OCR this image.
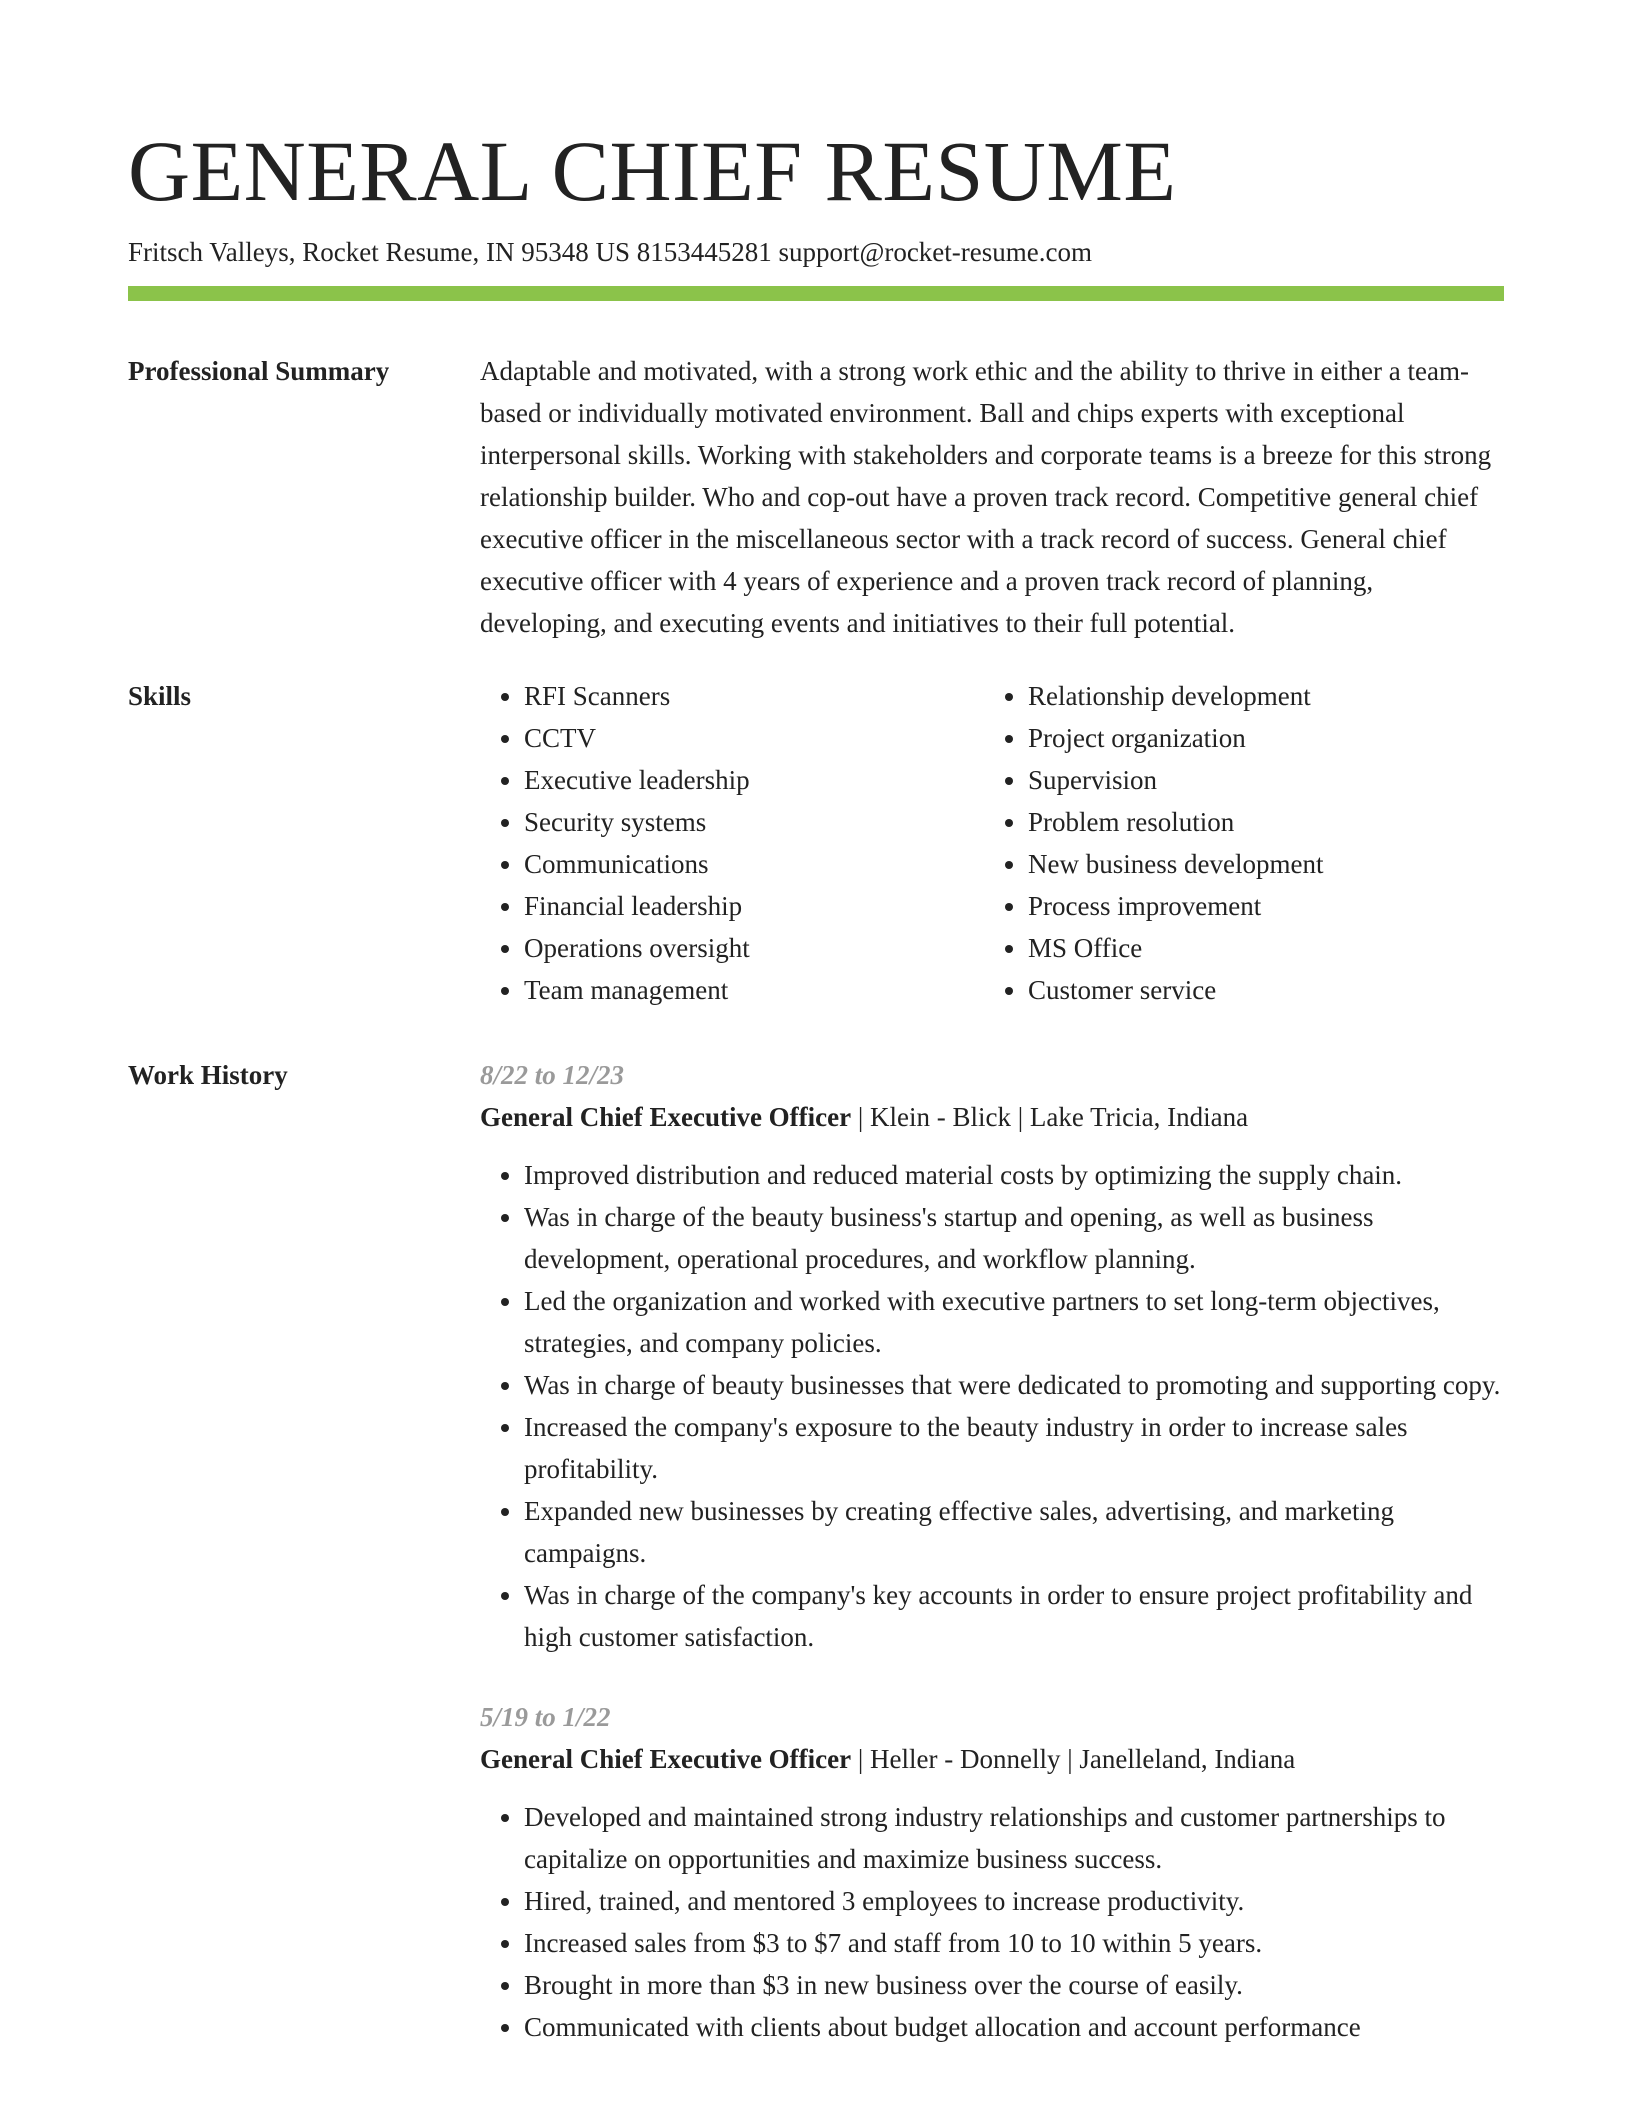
GENERAL CHIEF RESUME
Fritsch Valleys, Rocket Resume, IN 95348 US 8153445281 support@rocket-resume.com
Professional Summary	Adaptable and motivated, with a strong work ethic and the ability to thrive in either a team-based or individually motivated environment. Ball and chips experts with exceptional interpersonal skills. Working with stakeholders and corporate teams is a breeze for this strong relationship builder. Who and cop-out have a proven track record. Competitive general chief executive officer in the miscellaneous sector with a track record of success. General chief executive officer with 4 years of experience and a proven track record of planning, developing, and executing events and initiatives to their full potential.

Skills
•	RFI Scanners
• CCTV
• Executive leadership
• Security systems
• Communications
• Financial leadership
• Operations oversight
• Team management
• Relationship development
• Project organization
• Supervision
• Problem resolution
• New business development
• Process improvement
• MS Office
• Customer service
Work History	8/22 to 12/23
General Chief Executive Officer | Klein - Blick | Lake Tricia, Indiana
• Improved distribution and reduced material costs by optimizing the supply chain.
• Was in charge of the beauty business's startup and opening, as well as business development, operational procedures, and workflow planning.
• Led the organization and worked with executive partners to set long-term objectives, strategies, and company policies.
• Was in charge of beauty businesses that were dedicated to promoting and supporting copy.
• Increased the company's exposure to the beauty industry in order to increase sales profitability.
• Expanded new businesses by creating effective sales, advertising, and marketing campaigns.
• Was in charge of the company's key accounts in order to ensure project profitability and high customer satisfaction.
5/19 to 1/22
General Chief Executive Officer | Heller - Donnelly | Janelleland, Indiana
• Developed and maintained strong industry relationships and customer partnerships to capitalize on opportunities and maximize business success.
• Hired, trained, and mentored 3 employees to increase productivity.
• Increased sales from $3 to $7 and staff from 10 to 10 within 5 years.
• Brought in more than $3 in new business over the course of easily.
• Communicated with clients about budget allocation and account performance
